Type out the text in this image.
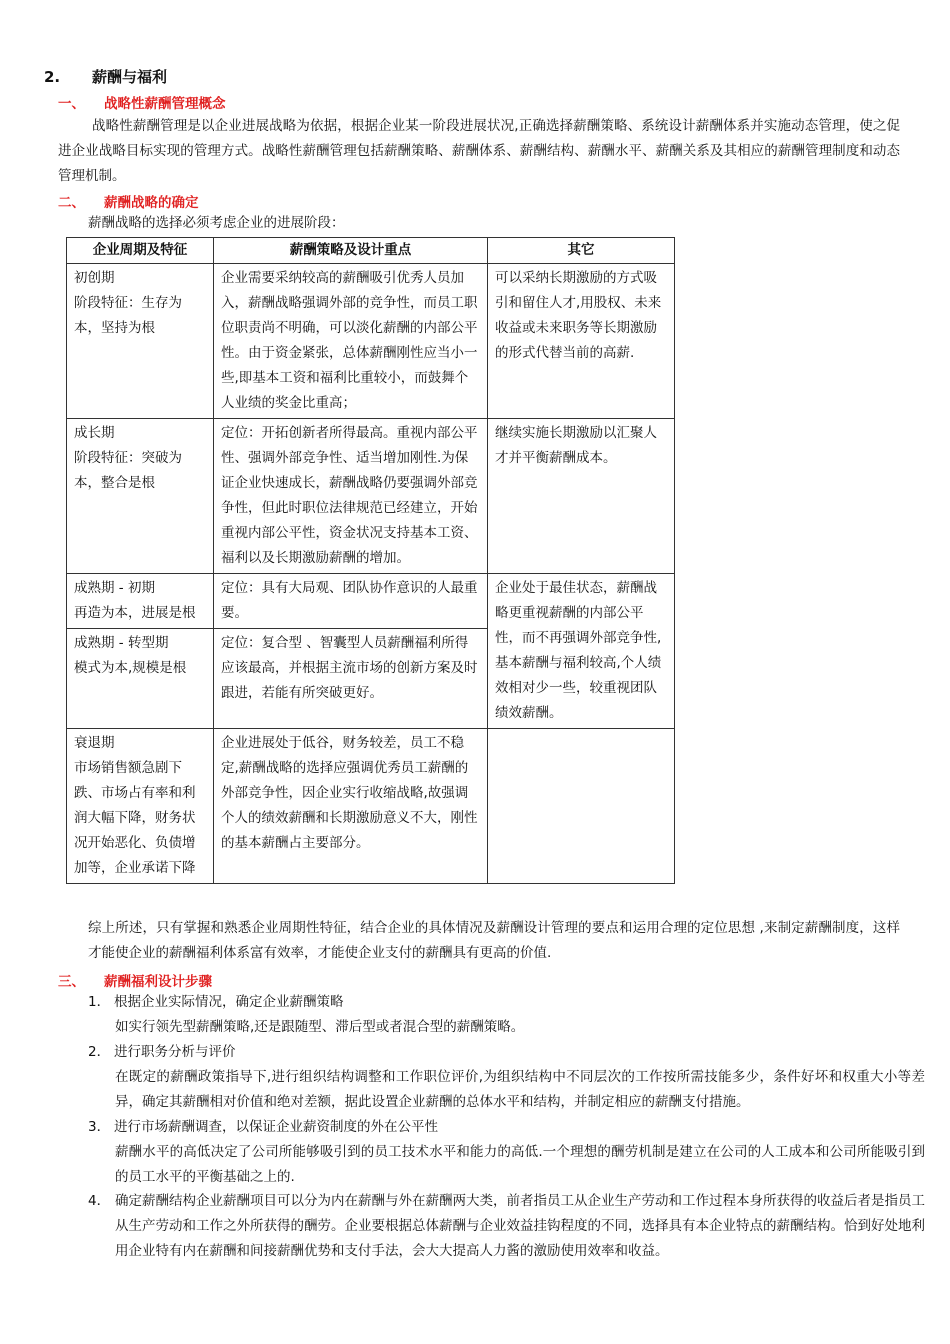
2. 薪酬与福利
一、 战略性薪酬管理概念
战略性薪酬管理是以企业进展战略为依据，根据企业某一阶段进展状况,正确选择薪酬策略、系统设计薪酬体系并实施动态管理，使之促进企业战略目标实现的管理方式。战略性薪酬管理包括薪酬策略、薪酬体系、薪酬结构、薪酬水平、薪酬关系及其相应的薪酬管理制度和动态管理机制。
二、 薪酬战略的确定
薪酬战略的选择必须考虑企业的进展阶段：
企业周期及特征	薪酬策略及设计重点	其它

初创期
阶段特征：生存为本，坚持为根	企业需要采纳较高的薪酬吸引优秀人员加入，薪酬战略强调外部的竞争性，而员工职位职责尚不明确，可以淡化薪酬的内部公平性。由于资金紧张，总体薪酬刚性应当小一些,即基本工资和福利比重较小，而鼓舞个人业绩的奖金比重高；	可以采纳长期激励的方式吸引和留住人才,用股权、未来收益或未来职务等长期激励的形式代替当前的高薪.

成长期
阶段特征：突破为本，整合是根	定位：开拓创新者所得最高。重视内部公平性、强调外部竞争性、适当增加刚性.为保证企业快速成长，薪酬战略仍要强调外部竞争性，但此时职位法律规范已经建立，开始重视内部公平性，资金状况支持基本工资、福利以及长期激励薪酬的增加。	继续实施长期激励以汇聚人才并平衡薪酬成本。

成熟期 - 初期
再造为本，进展是根	定位：具有大局观、团队协作意识的人最重要。	企业处于最佳状态，薪酬战略更重视薪酬的内部公平性，而不再强调外部竞争性,基本薪酬与福利较高,个人绩效相对少一些，较重视团队绩效薪酬。

成熟期 - 转型期
模式为本,规模是根	定位：复合型 、智囊型人员薪酬福利所得应该最高，并根据主流市场的创新方案及时跟进，若能有所突破更好。	

衰退期
市场销售额急剧下跌、市场占有率和利润大幅下降，财务状况开始恶化、负债增加等，企业承诺下降	企业进展处于低谷，财务较差，员工不稳定,薪酬战略的选择应强调优秀员工薪酬的外部竞争性，因企业实行收缩战略,故强调个人的绩效薪酬和长期激励意义不大，刚性的基本薪酬占主要部分。	
综上所述，只有掌握和熟悉企业周期性特征，结合企业的具体情况及薪酬设计管理的要点和运用合理的定位思想 ,来制定薪酬制度，这样才能使企业的薪酬福利体系富有效率，才能使企业支付的薪酬具有更高的价值.
三、 薪酬福利设计步骤
1． 根据企业实际情况，确定企业薪酬策略
如实行领先型薪酬策略,还是跟随型、滞后型或者混合型的薪酬策略。
2． 进行职务分析与评价
在既定的薪酬政策指导下,进行组织结构调整和工作职位评价,为组织结构中不同层次的工作按所需技能多少，条件好坏和权重大小等差异，确定其薪酬相对价值和绝对差额，据此设置企业薪酬的总体水平和结构，并制定相应的薪酬支付措施。
3． 进行市场薪酬调查，以保证企业薪资制度的外在公平性
薪酬水平的高低决定了公司所能够吸引到的员工技术水平和能力的高低.一个理想的酬劳机制是建立在公司的人工成本和公司所能吸引到的员工水平的平衡基础之上的.
4． 确定薪酬结构企业薪酬项目可以分为内在薪酬与外在薪酬两大类，前者指员工从企业生产劳动和工作过程本身所获得的收益后者是指员工从生产劳动和工作之外所获得的酬劳。企业要根据总体薪酬与企业效益挂钩程度的不同，选择具有本企业特点的薪酬结构。恰到好处地利用企业特有内在薪酬和间接薪酬优势和支付手法，会大大提高人力酱的激励使用效率和收益。
